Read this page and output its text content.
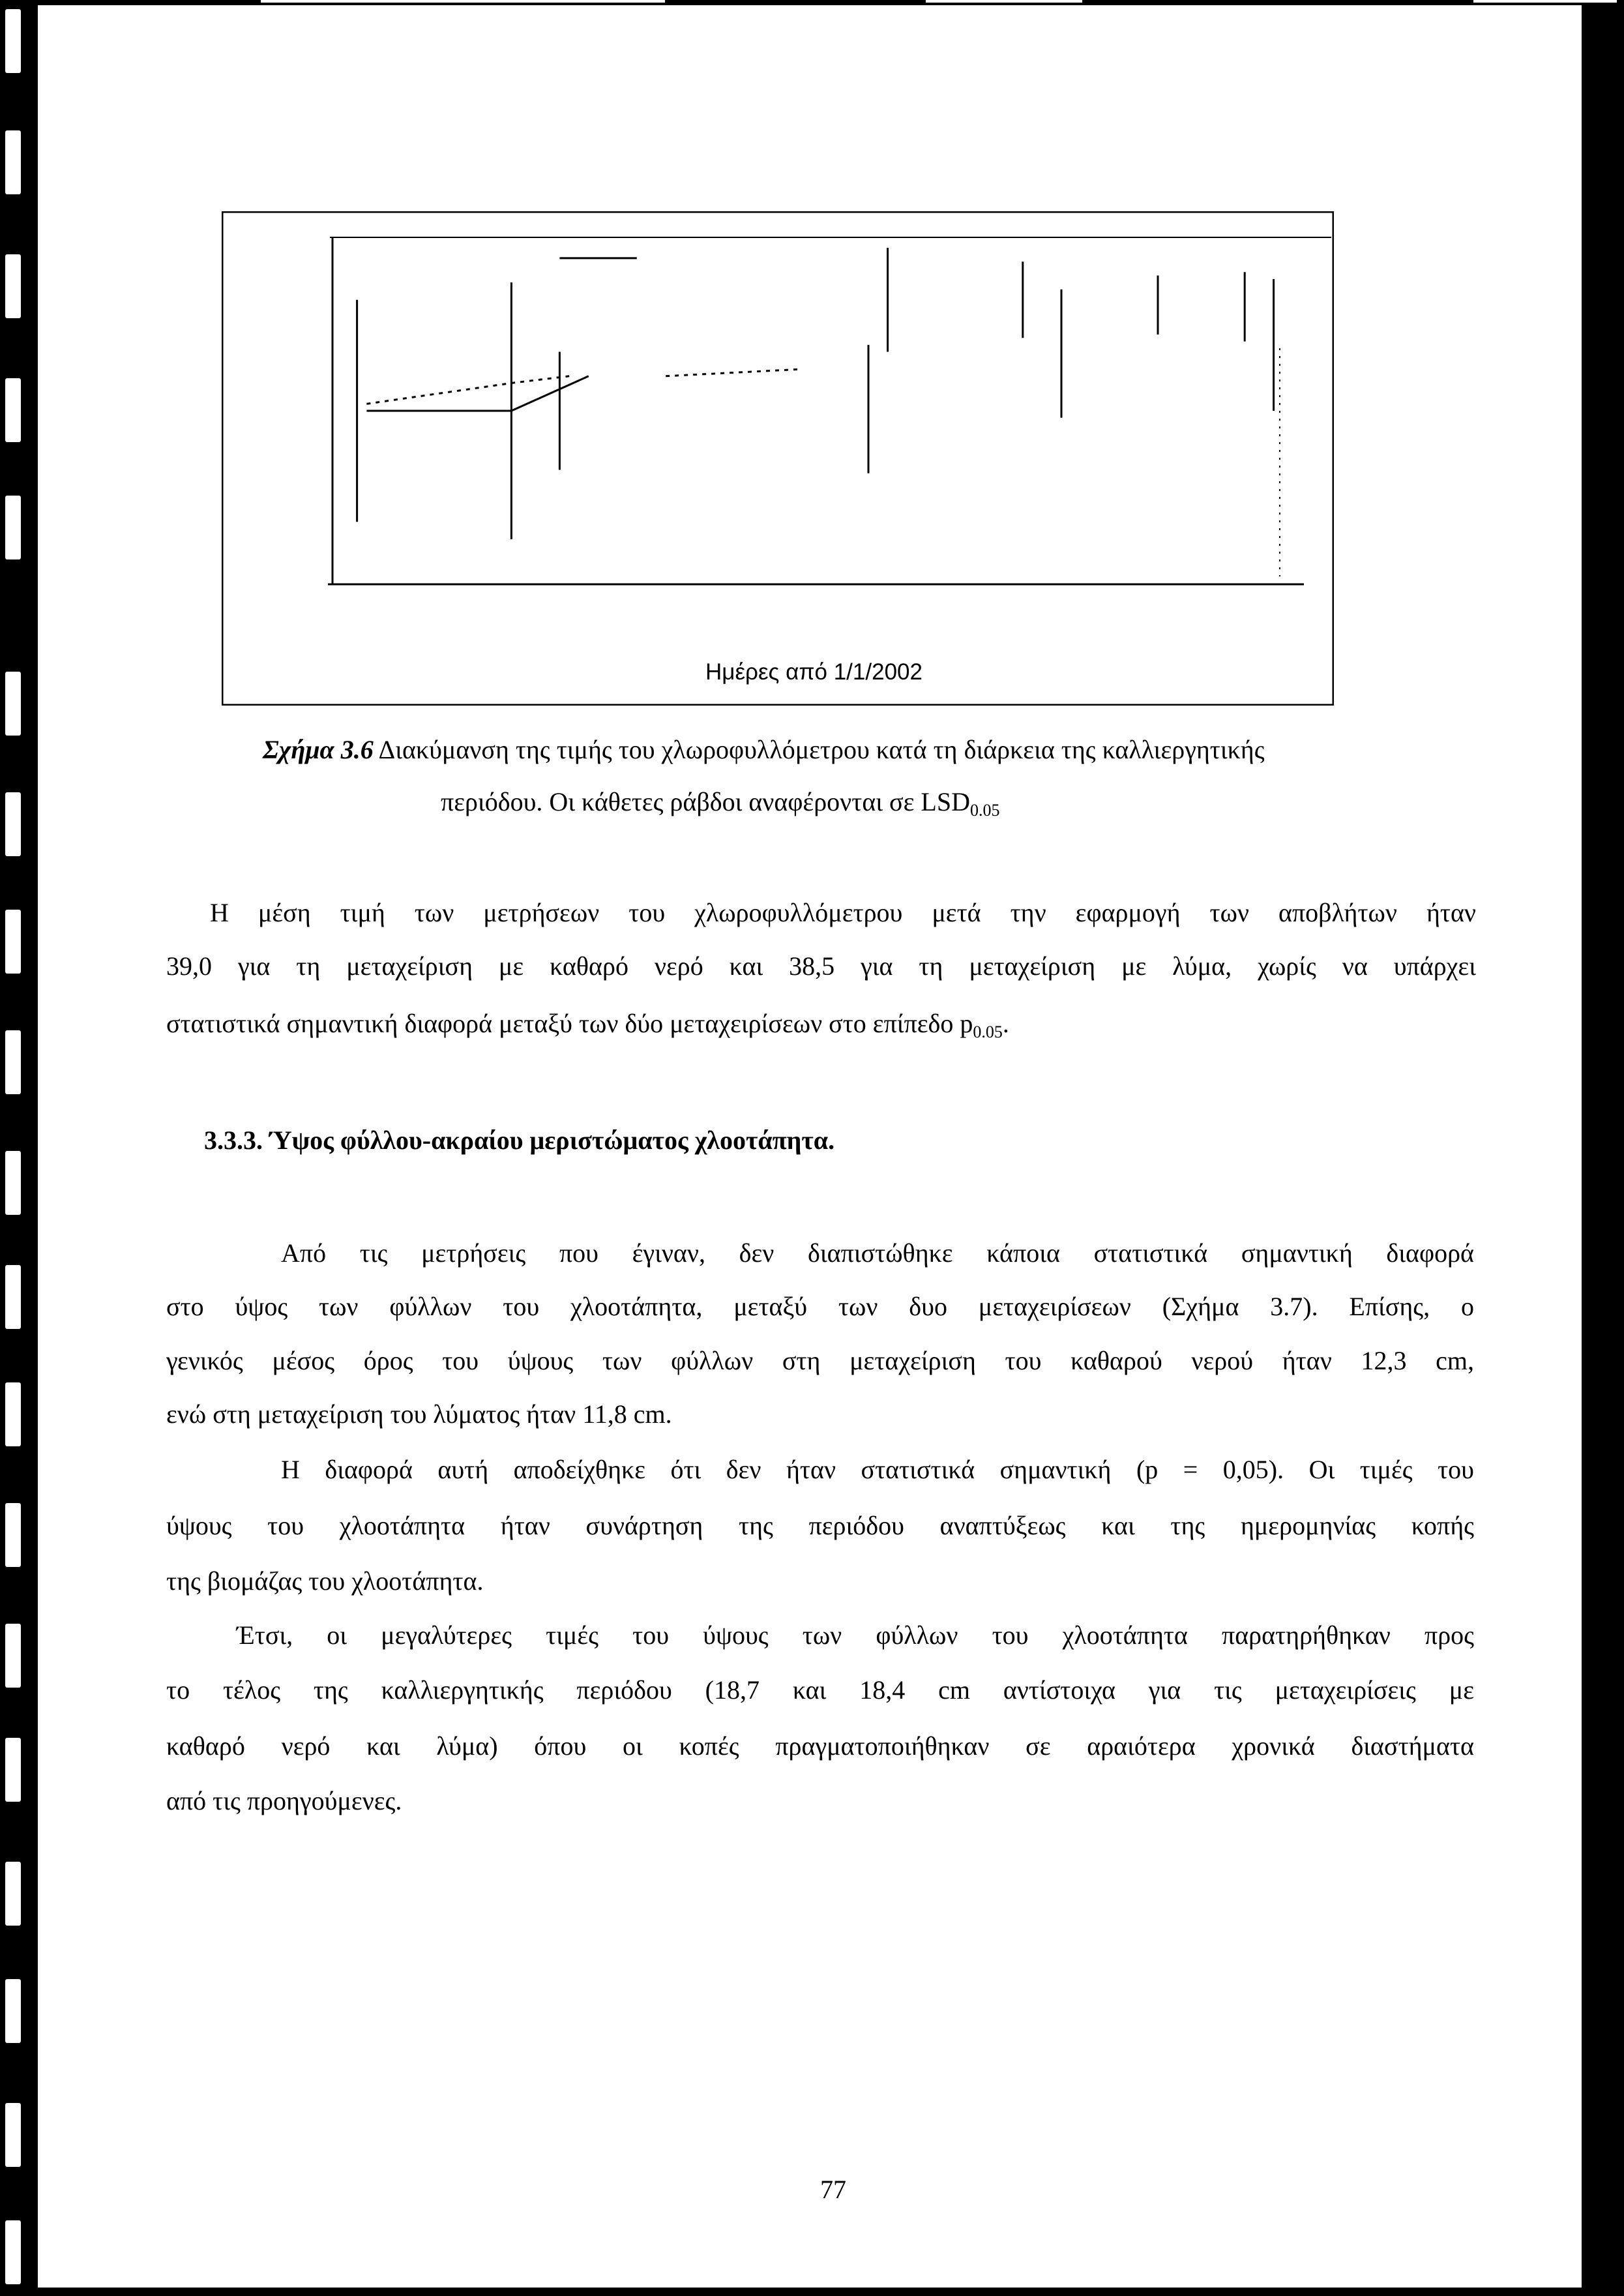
Ημέρες από 1/1/2002
Σχήμα 3.6 Διακύμανση της τιμής του χλωροφυλλόμετρου κατά τη διάρκεια της καλλιεργητικής
περιόδου. Οι κάθετες ράβδοι αναφέρονται σε $LSD_{0.05}$
Η μέση τιμή των μετρήσεων του χλωροφυλλόμετρου μετά την εφαρμογή των αποβλήτων ήταν
39,0 για τη μεταχείριση με καθαρό νερό και 38,5 για τη μεταχείριση με λύμα, χωρίς να υπάρχει
στατιστικά σημαντική διαφορά μεταξύ των δύο μεταχειρίσεων στο επίπεδο $p_{0.05}$.
3.3.3. Ύψος φύλλου-ακραίου μεριστώματος χλοοτάπητα.
Από τις μετρήσεις που έγιναν, δεν διαπιστώθηκε κάποια στατιστικά σημαντική διαφορά
στο ύψος των φύλλων του χλοοτάπητα, μεταξύ των δυο μεταχειρίσεων (Σχήμα 3.7). Επίσης, ο
γενικός μέσος όρος του ύψους των φύλλων στη μεταχείριση του καθαρού νερού ήταν 12,3 cm,
ενώ στη μεταχείριση του λύματος ήταν 11,8 cm.
Η διαφορά αυτή αποδείχθηκε ότι δεν ήταν στατιστικά σημαντική (p = 0,05). Οι τιμές του
ύψους του χλοοτάπητα ήταν συνάρτηση της περιόδου αναπτύξεως και της ημερομηνίας κοπής
της βιομάζας του χλοοτάπητα.
Έτσι, οι μεγαλύτερες τιμές του ύψους των φύλλων του χλοοτάπητα παρατηρήθηκαν προς
το τέλος της καλλιεργητικής περιόδου (18,7 και 18,4 cm αντίστοιχα για τις μεταχειρίσεις με
καθαρό νερό και λύμα) όπου οι κοπές πραγματοποιήθηκαν σε αραιότερα χρονικά διαστήματα
από τις προηγούμενες.
77
